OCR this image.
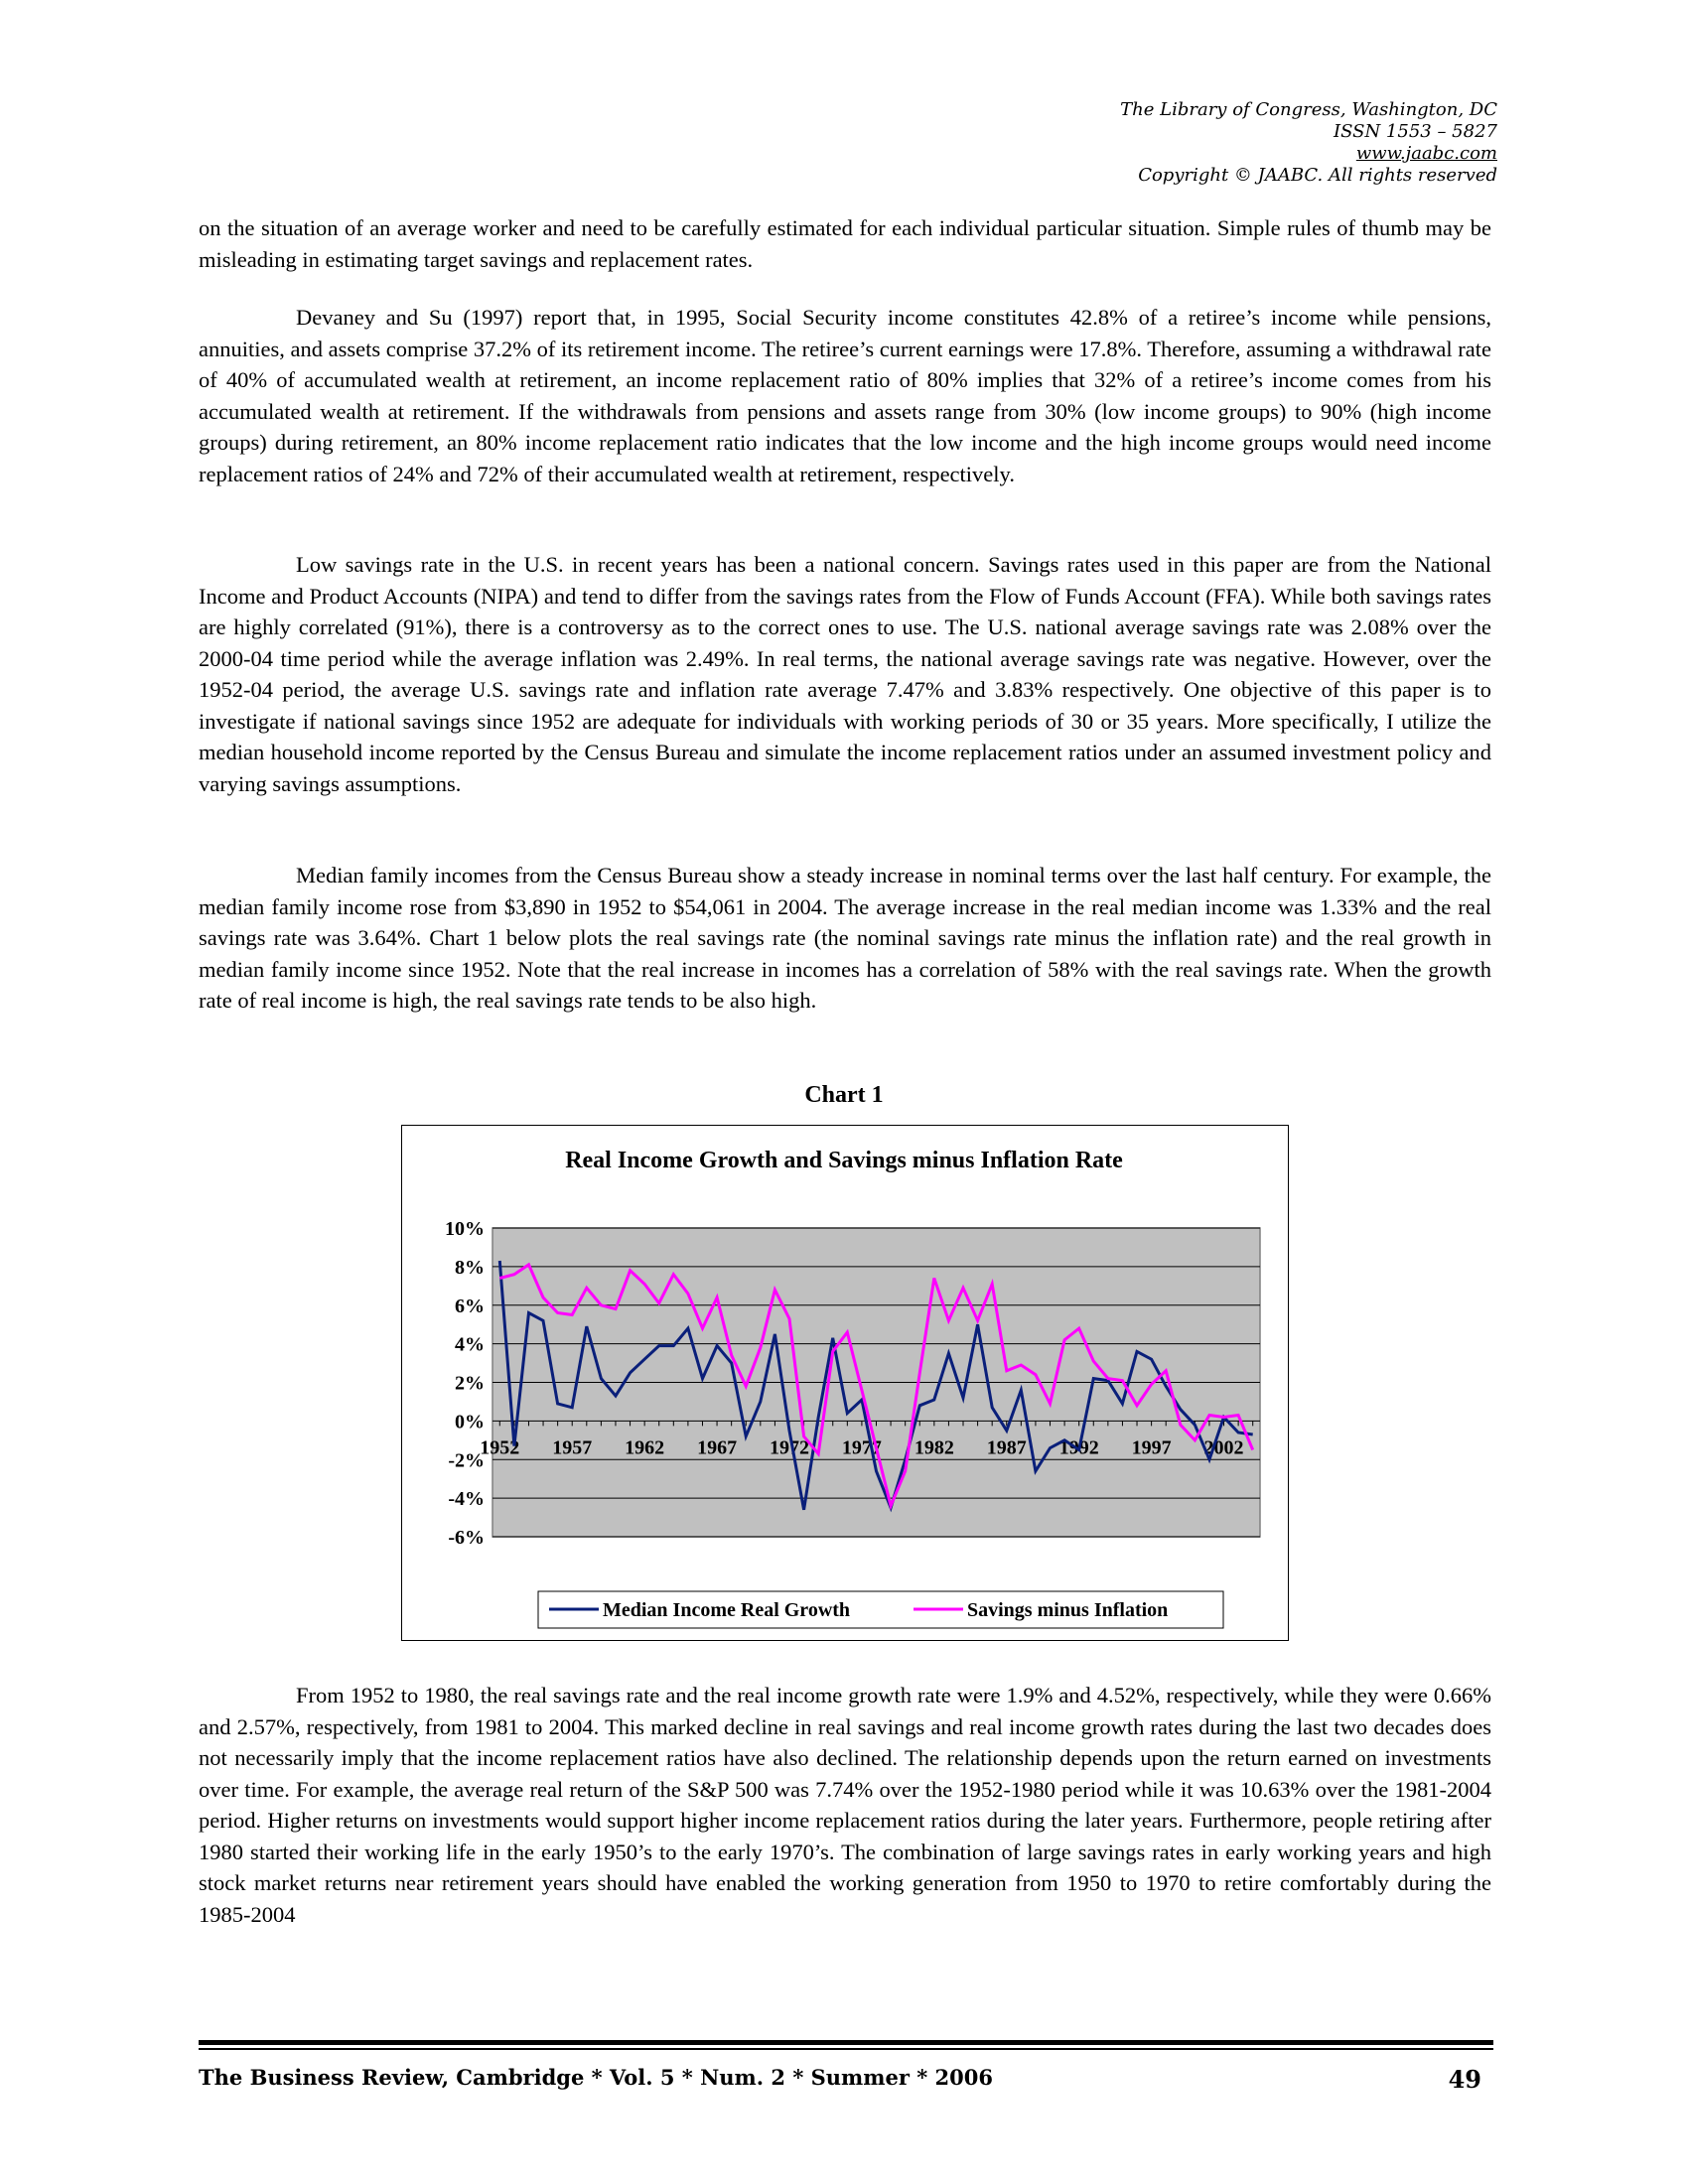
The Library of Congress, Washington, DC
ISSN 1553 – 5827
www.jaabc.com
Copyright © JAABC. All rights reserved

on the situation of an average worker and need to be carefully estimated for each individual particular situation. Simple rules of thumb may be misleading in estimating target savings and replacement rates.

Devaney and Su (1997) report that, in 1995, Social Security income constitutes 42.8% of a retiree’s income while pensions, annuities, and assets comprise 37.2% of its retirement income. The retiree’s current earnings were 17.8%. Therefore, assuming a withdrawal rate of 40% of accumulated wealth at retirement, an income replacement ratio of 80% implies that 32% of a retiree’s income comes from his accumulated wealth at retirement. If the withdrawals from pensions and assets range from 30% (low income groups) to 90% (high income groups) during retirement, an 80% income replacement ratio indicates that the low income and the high income groups would need income replacement ratios of 24% and 72% of their accumulated wealth at retirement, respectively.

Low savings rate in the U.S. in recent years has been a national concern. Savings rates used in this paper are from the National Income and Product Accounts (NIPA) and tend to differ from the savings rates from the Flow of Funds Account (FFA). While both savings rates are highly correlated (91%), there is a controversy as to the correct ones to use. The U.S. national average savings rate was 2.08% over the 2000-04 time period while the average inflation was 2.49%. In real terms, the national average savings rate was negative. However, over the 1952-04 period, the average U.S. savings rate and inflation rate average 7.47% and 3.83% respectively. One objective of this paper is to investigate if national savings since 1952 are adequate for individuals with working periods of 30 or 35 years. More specifically, I utilize the median household income reported by the Census Bureau and simulate the income replacement ratios under an assumed investment policy and varying savings assumptions.

Median family incomes from the Census Bureau show a steady increase in nominal terms over the last half century. For example, the median family income rose from $3,890 in 1952 to $54,061 in 2004. The average increase in the real median income was 1.33% and the real savings rate was 3.64%. Chart 1 below plots the real savings rate (the nominal savings rate minus the inflation rate) and the real growth in median family income since 1952. Note that the real increase in incomes has a correlation of 58% with the real savings rate. When the growth rate of real income is high, the real savings rate tends to be also high.

Chart 1
Real Income Growth and Savings minus Inflation Rate
10%
8%
6%
4%
2%
0%
-2%
-4%
-6%
1952 1957 1962 1967 1972 1977 1982 1987 1992 1997 2002
Median Income Real Growth	Savings minus Inflation

From 1952 to 1980, the real savings rate and the real income growth rate were 1.9% and 4.52%, respectively, while they were 0.66% and 2.57%, respectively, from 1981 to 2004. This marked decline in real savings and real income growth rates during the last two decades does not necessarily imply that the income replacement ratios have also declined. The relationship depends upon the return earned on investments over time. For example, the average real return of the S&P 500 was 7.74% over the 1952-1980 period while it was 10.63% over the 1981-2004 period. Higher returns on investments would support higher income replacement ratios during the later years. Furthermore, people retiring after 1980 started their working life in the early 1950’s to the early 1970’s. The combination of large savings rates in early working years and high stock market returns near retirement years should have enabled the working generation from 1950 to 1970 to retire comfortably during the 1985-2004

The Business Review, Cambridge * Vol. 5 * Num. 2 * Summer * 2006	49
